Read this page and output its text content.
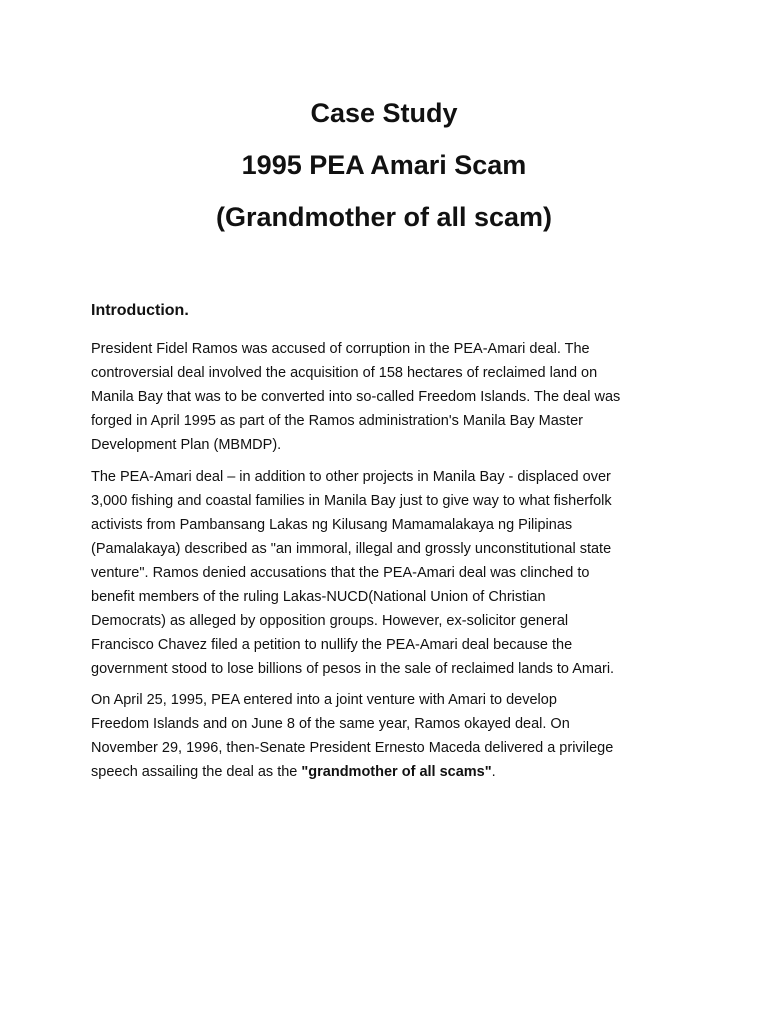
Case Study
1995 PEA Amari Scam
(Grandmother of all scam)
Introduction.
President Fidel Ramos was accused of corruption in the PEA-Amari deal. The
controversial deal involved the acquisition of 158 hectares of reclaimed land on
Manila Bay that was to be converted into so-called Freedom Islands. The deal was
forged in April 1995 as part of the Ramos administration's Manila Bay Master
Development Plan (MBMDP).
The PEA-Amari deal – in addition to other projects in Manila Bay - displaced over
3,000 fishing and coastal families in Manila Bay just to give way to what fisherfolk
activists from Pambansang Lakas ng Kilusang Mamamalakaya ng Pilipinas
(Pamalakaya) described as "an immoral, illegal and grossly unconstitutional state
venture". Ramos denied accusations that the PEA-Amari deal was clinched to
benefit members of the ruling Lakas-NUCD(National Union of Christian
Democrats) as alleged by opposition groups. However, ex-solicitor general
Francisco Chavez filed a petition to nullify the PEA-Amari deal because the
government stood to lose billions of pesos in the sale of reclaimed lands to Amari.
On April 25, 1995, PEA entered into a joint venture with Amari to develop
Freedom Islands and on June 8 of the same year, Ramos okayed deal. On
November 29, 1996, then-Senate President Ernesto Maceda delivered a privilege
speech assailing the deal as the "grandmother of all scams".
